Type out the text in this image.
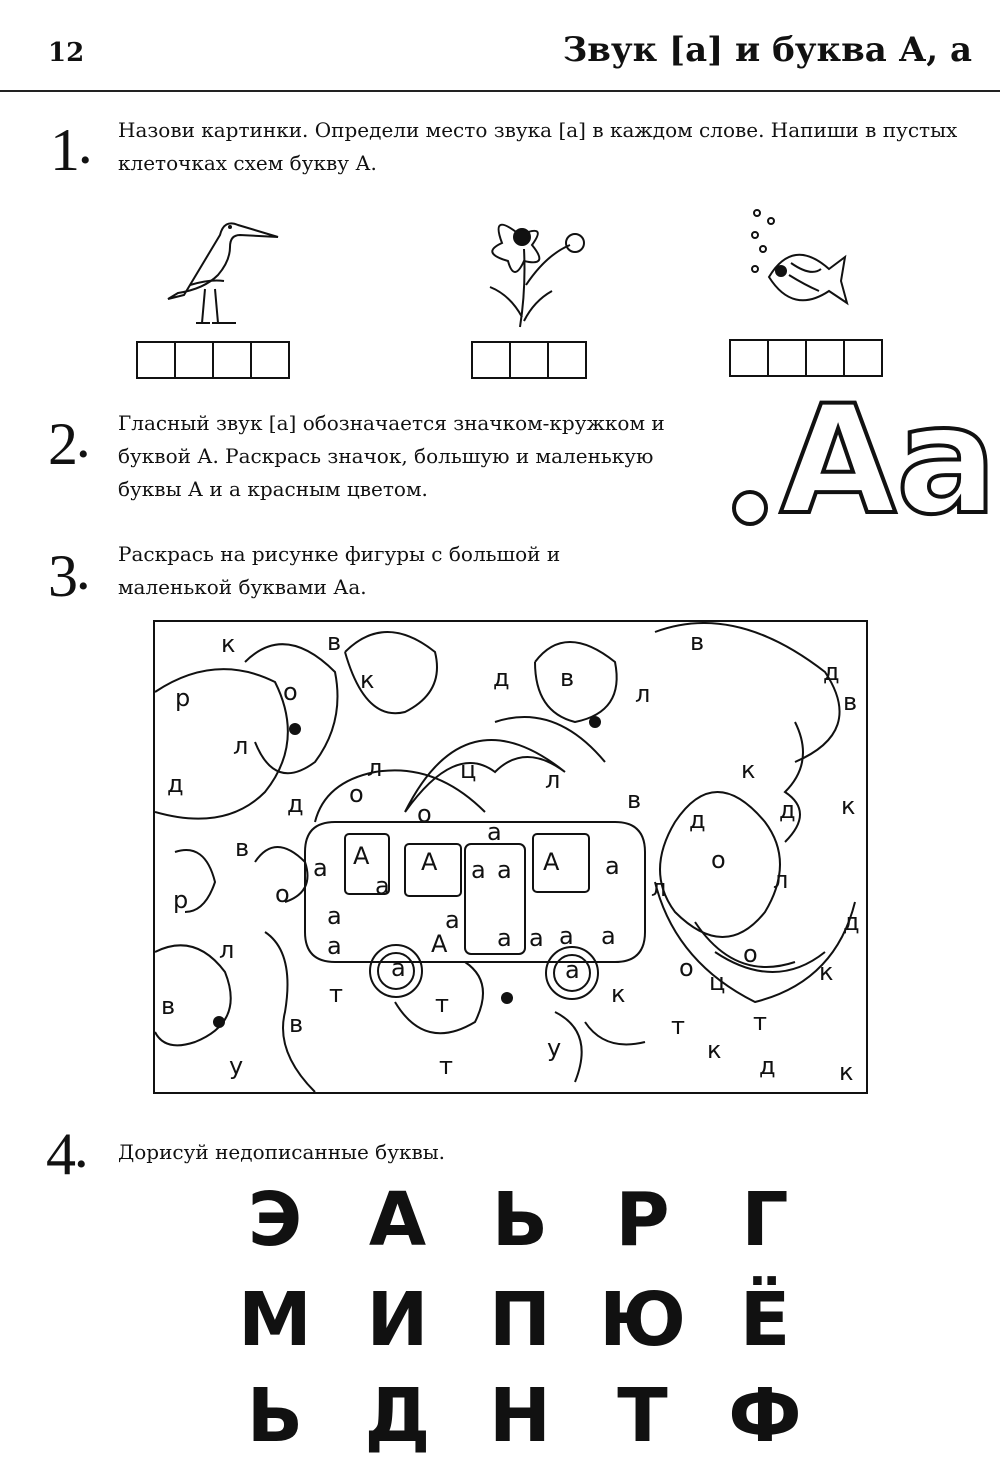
12	Звук [а] и буква А, а
1•
Назови картинки. Определи место звука [а] в каждом слове. Напиши в пустых клеточках схем букву А.
2•
Гласный звук [а] обозначается значком-кружком и буквой А. Раскрась значок, большую и маленькую буквы А и а красным цветом.	Аа
3•
Раскрась на рисунке фигуры с большой и маленькой буквами Аа.
к	в	в
к	д в	д
р	о	л	в
л
л	ц	л	к
д
д о
о	в	д к
д
а
в	А А	А
а	а а	а	о
а
р	о	л	л
а	а	д
а а а а
л	а	А	о
а	а	о ц	к
в	т	т	к
в	т	т
у	к
у	т	д	к
4• Дорисуй недописанные буквы.
Э А Ь Р Г
М И П Ю Ё
Ь Д Н Т Ф
